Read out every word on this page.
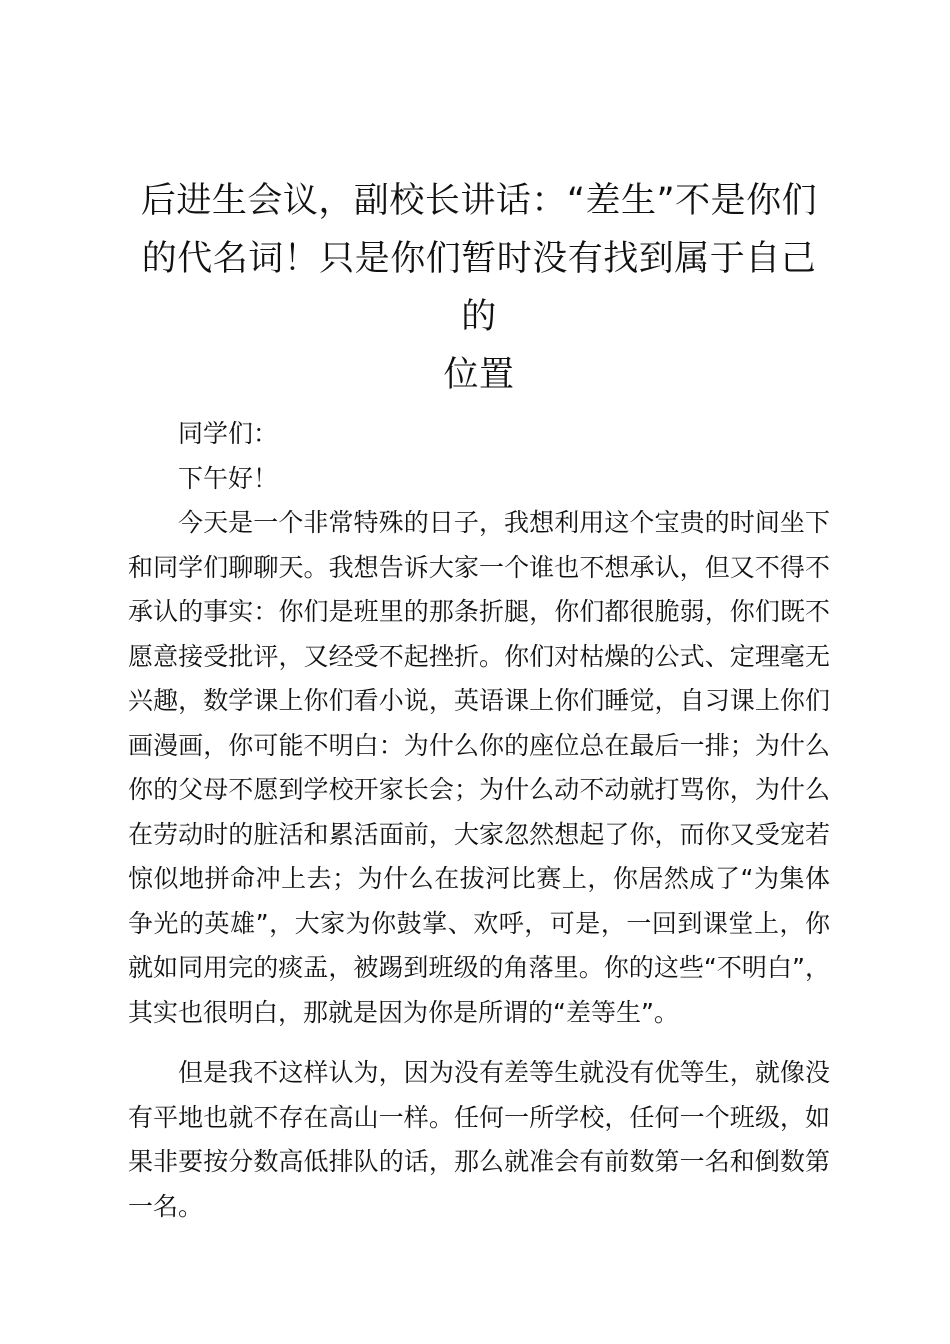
后进生会议，副校长讲话：“差生”不是你们
的代名词！只是你们暂时没有找到属于自己的
位置

同学们：

下午好！

今天是一个非常特殊的日子，我想利用这个宝贵的时间坐下和同学们聊聊天。我想告诉大家一个谁也不想承认，但又不得不承认的事实：你们是班里的那条折腿，你们都很脆弱，你们既不愿意接受批评，又经受不起挫折。你们对枯燥的公式、定理毫无兴趣，数学课上你们看小说，英语课上你们睡觉，自习课上你们画漫画，你可能不明白：为什么你的座位总在最后一排；为什么你的父母不愿到学校开家长会；为什么动不动就打骂你，为什么在劳动时的脏活和累活面前，大家忽然想起了你，而你又受宠若惊似地拼命冲上去；为什么在拔河比赛上，你居然成了“为集体争光的英雄”，大家为你鼓掌、欢呼，可是，一回到课堂上，你就如同用完的痰盂，被踢到班级的角落里。你的这些“不明白”，其实也很明白，那就是因为你是所谓的“差等生”。

但是我不这样认为，因为没有差等生就没有优等生，就像没有平地也就不存在高山一样。任何一所学校，任何一个班级，如果非要按分数高低排队的话，那么就准会有前数第一名和倒数第一名。
